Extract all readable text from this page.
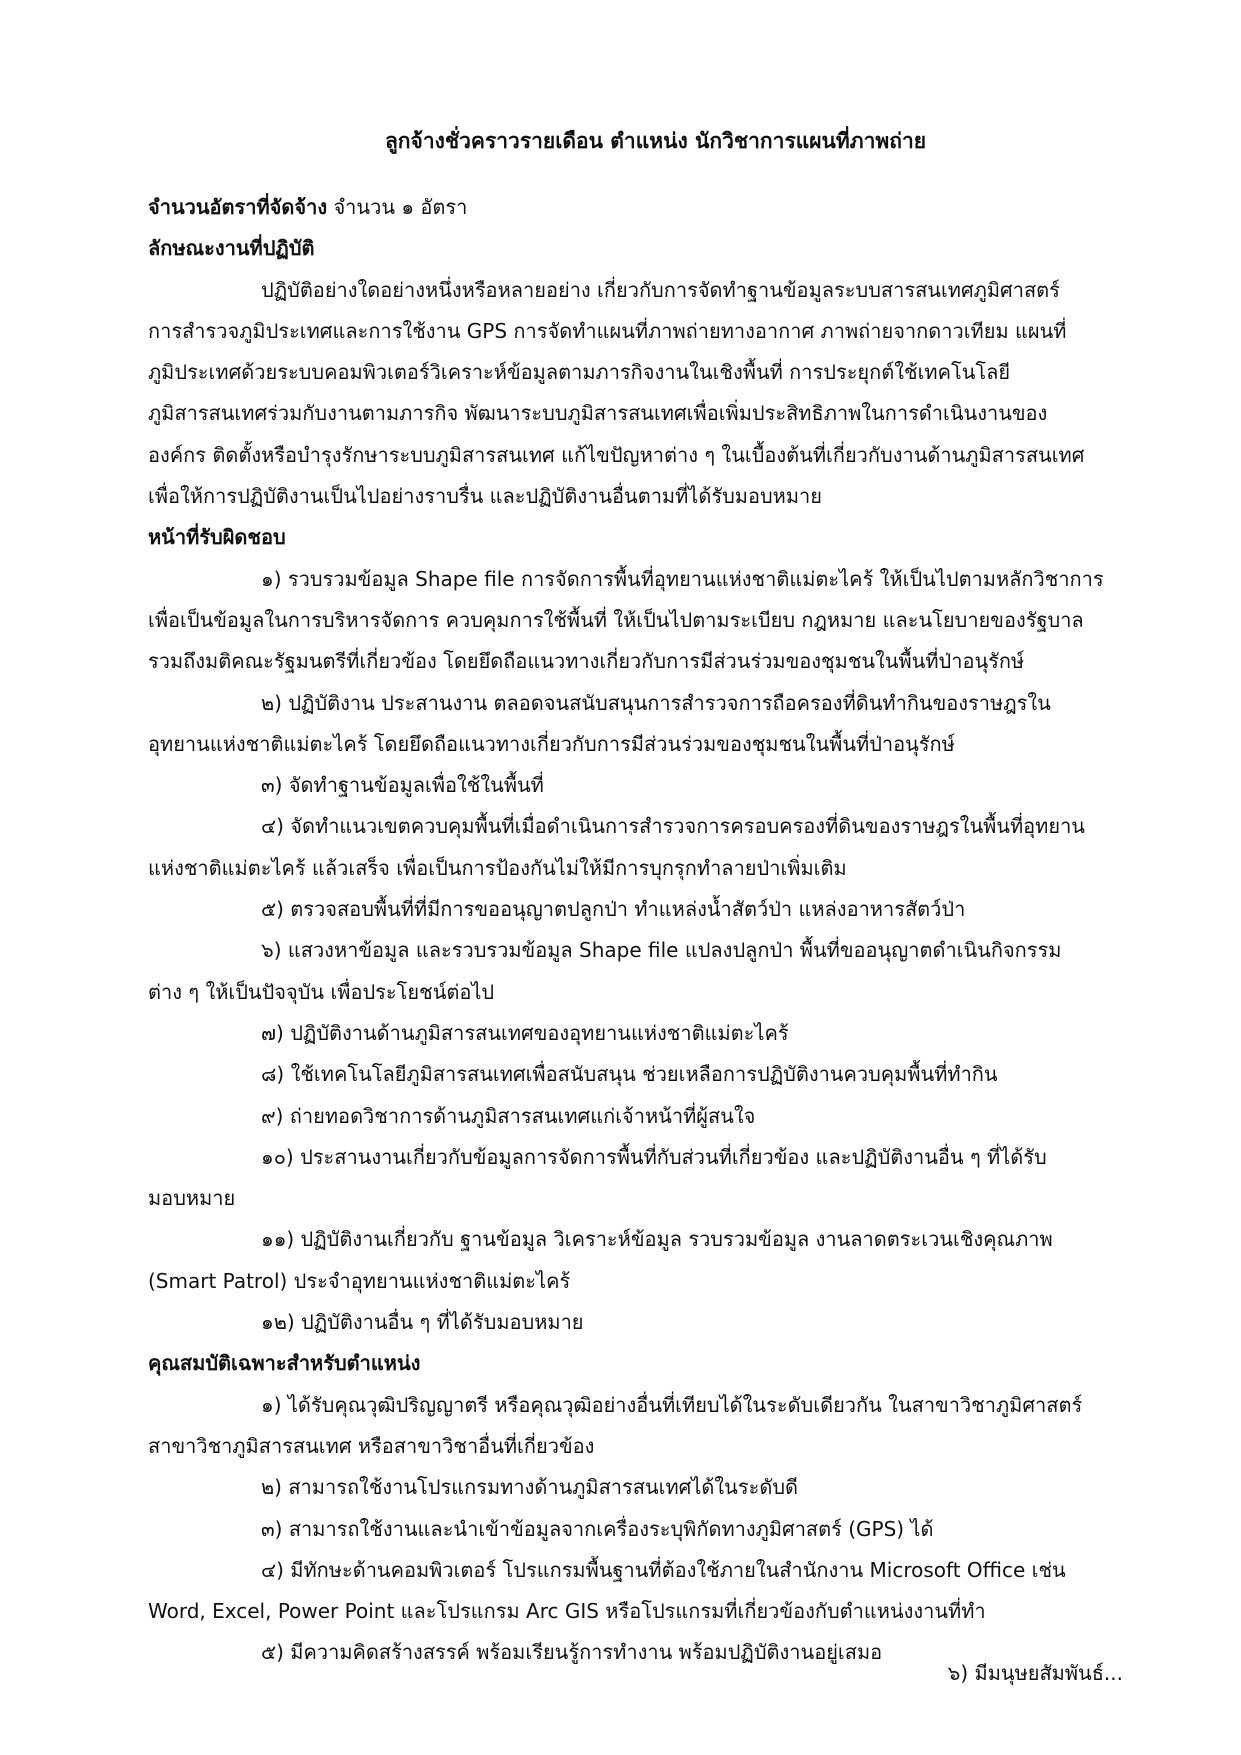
ลูกจ้างชั่วคราวรายเดือน ตำแหน่ง นักวิชาการแผนที่ภาพถ่าย
จำนวนอัตราที่จัดจ้าง จำนวน ๑ อัตรา
ลักษณะงานที่ปฏิบัติ
ปฏิบัติอย่างใดอย่างหนึ่งหรือหลายอย่าง เกี่ยวกับการจัดทำฐานข้อมูลระบบสารสนเทศภูมิศาสตร์
การสำรวจภูมิประเทศและการใช้งาน GPS การจัดทำแผนที่ภาพถ่ายทางอากาศ ภาพถ่ายจากดาวเทียม แผนที่
ภูมิประเทศด้วยระบบคอมพิวเตอร์วิเคราะห์ข้อมูลตามภารกิจงานในเชิงพื้นที่ การประยุกต์ใช้เทคโนโลยี
ภูมิสารสนเทศร่วมกับงานตามภารกิจ พัฒนาระบบภูมิสารสนเทศเพื่อเพิ่มประสิทธิภาพในการดำเนินงานของ
องค์กร ติดตั้งหรือบำรุงรักษาระบบภูมิสารสนเทศ แก้ไขปัญหาต่าง ๆ ในเบื้องต้นที่เกี่ยวกับงานด้านภูมิสารสนเทศ
เพื่อให้การปฏิบัติงานเป็นไปอย่างราบรื่น และปฏิบัติงานอื่นตามที่ได้รับมอบหมาย
หน้าที่รับผิดชอบ
๑) รวบรวมข้อมูล Shape file การจัดการพื้นที่อุทยานแห่งชาติแม่ตะไคร้ ให้เป็นไปตามหลักวิชาการ
เพื่อเป็นข้อมูลในการบริหารจัดการ ควบคุมการใช้พื้นที่ ให้เป็นไปตามระเบียบ กฎหมาย และนโยบายของรัฐบาล
รวมถึงมติคณะรัฐมนตรีที่เกี่ยวข้อง โดยยึดถือแนวทางเกี่ยวกับการมีส่วนร่วมของชุมชนในพื้นที่ป่าอนุรักษ์
๒) ปฏิบัติงาน ประสานงาน ตลอดจนสนับสนุนการสำรวจการถือครองที่ดินทำกินของราษฎรใน
อุทยานแห่งชาติแม่ตะไคร้ โดยยึดถือแนวทางเกี่ยวกับการมีส่วนร่วมของชุมชนในพื้นที่ป่าอนุรักษ์
๓) จัดทำฐานข้อมูลเพื่อใช้ในพื้นที่
๔) จัดทำแนวเขตควบคุมพื้นที่เมื่อดำเนินการสำรวจการครอบครองที่ดินของราษฎรในพื้นที่อุทยาน
แห่งชาติแม่ตะไคร้ แล้วเสร็จ เพื่อเป็นการป้องกันไม่ให้มีการบุกรุกทำลายป่าเพิ่มเติม
๕) ตรวจสอบพื้นที่ที่มีการขออนุญาตปลูกป่า ทำแหล่งน้ำสัตว์ป่า แหล่งอาหารสัตว์ป่า
๖) แสวงหาข้อมูล และรวบรวมข้อมูล Shape file แปลงปลูกป่า พื้นที่ขออนุญาตดำเนินกิจกรรม
ต่าง ๆ ให้เป็นปัจจุบัน เพื่อประโยชน์ต่อไป
๗) ปฏิบัติงานด้านภูมิสารสนเทศของอุทยานแห่งชาติแม่ตะไคร้
๘) ใช้เทคโนโลยีภูมิสารสนเทศเพื่อสนับสนุน ช่วยเหลือการปฏิบัติงานควบคุมพื้นที่ทำกิน
๙) ถ่ายทอดวิชาการด้านภูมิสารสนเทศแก่เจ้าหน้าที่ผู้สนใจ
๑๐) ประสานงานเกี่ยวกับข้อมูลการจัดการพื้นที่กับส่วนที่เกี่ยวข้อง และปฏิบัติงานอื่น ๆ ที่ได้รับ
มอบหมาย
๑๑) ปฏิบัติงานเกี่ยวกับ ฐานข้อมูล วิเคราะห์ข้อมูล รวบรวมข้อมูล งานลาดตระเวนเชิงคุณภาพ
(Smart Patrol) ประจำอุทยานแห่งชาติแม่ตะไคร้
๑๒) ปฏิบัติงานอื่น ๆ ที่ได้รับมอบหมาย
คุณสมบัติเฉพาะสำหรับตำแหน่ง
๑) ได้รับคุณวุฒิปริญญาตรี หรือคุณวุฒิอย่างอื่นที่เทียบได้ในระดับเดียวกัน ในสาขาวิชาภูมิศาสตร์
สาขาวิชาภูมิสารสนเทศ หรือสาขาวิชาอื่นที่เกี่ยวข้อง
๒) สามารถใช้งานโปรแกรมทางด้านภูมิสารสนเทศได้ในระดับดี
๓) สามารถใช้งานและนำเข้าข้อมูลจากเครื่องระบุพิกัดทางภูมิศาสตร์ (GPS) ได้
๔) มีทักษะด้านคอมพิวเตอร์ โปรแกรมพื้นฐานที่ต้องใช้ภายในสำนักงาน Microsoft Office เช่น
Word, Excel, Power Point และโปรแกรม Arc GIS หรือโปรแกรมที่เกี่ยวข้องกับตำแหน่งงานที่ทำ
๕) มีความคิดสร้างสรรค์ พร้อมเรียนรู้การทำงาน พร้อมปฏิบัติงานอยู่เสมอ
๖) มีมนุษยสัมพันธ์...
